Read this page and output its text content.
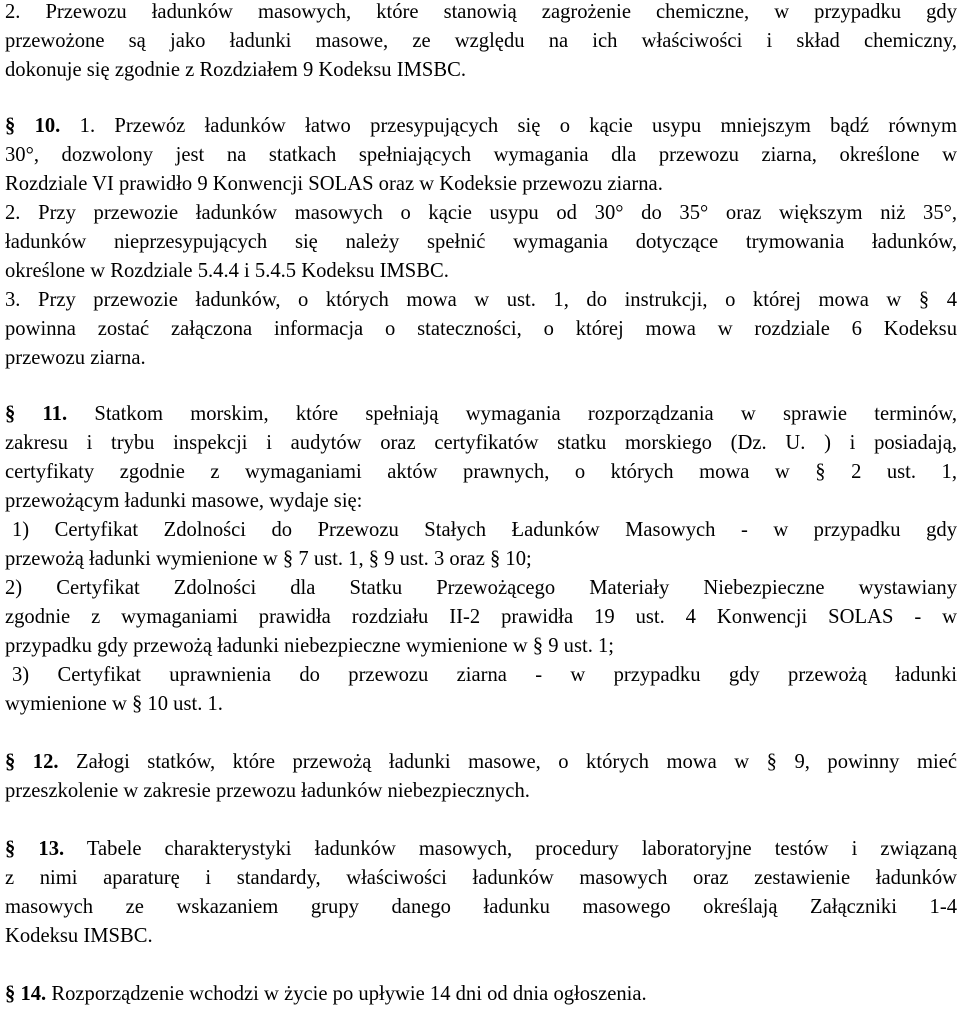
2. Przewozu ładunków masowych, które stanowią zagrożenie chemiczne, w przypadku gdy
przewożone są jako ładunki masowe, ze względu na ich właściwości i skład chemiczny,
dokonuje się zgodnie z Rozdziałem 9 Kodeksu IMSBC.
§ 10. 1. Przewóz ładunków łatwo przesypujących się o kącie usypu mniejszym bądź równym
30°, dozwolony jest na statkach spełniających wymagania dla przewozu ziarna, określone w
Rozdziale VI prawidło 9 Konwencji SOLAS oraz w Kodeksie przewozu ziarna.
2. Przy przewozie ładunków masowych o kącie usypu od 30° do 35° oraz większym niż 35°,
ładunków nieprzesypujących się należy spełnić wymagania dotyczące trymowania ładunków,
określone w Rozdziale 5.4.4 i 5.4.5 Kodeksu IMSBC.
3. Przy przewozie ładunków, o których mowa w ust. 1, do instrukcji, o której mowa w § 4
powinna zostać załączona informacja o stateczności, o której mowa w rozdziale 6 Kodeksu
przewozu ziarna.
§ 11. Statkom morskim, które spełniają wymagania rozporządzania w sprawie terminów,
zakresu i trybu inspekcji i audytów oraz certyfikatów statku morskiego (Dz. U. ) i posiadają,
certyfikaty zgodnie z wymaganiami aktów prawnych, o których mowa w § 2 ust. 1,
przewożącym ładunki masowe, wydaje się:
1) Certyfikat Zdolności do Przewozu Stałych Ładunków Masowych - w przypadku gdy
przewożą ładunki wymienione w § 7 ust. 1, § 9 ust. 3 oraz § 10;
2) Certyfikat Zdolności dla Statku Przewożącego Materiały Niebezpieczne wystawiany
zgodnie z wymaganiami prawidła rozdziału II-2 prawidła 19 ust. 4 Konwencji SOLAS - w
przypadku gdy przewożą ładunki niebezpieczne wymienione w § 9 ust. 1;
3) Certyfikat uprawnienia do przewozu ziarna - w przypadku gdy przewożą ładunki
wymienione w § 10 ust. 1.
§ 12. Załogi statków, które przewożą ładunki masowe, o których mowa w § 9, powinny mieć
przeszkolenie w zakresie przewozu ładunków niebezpiecznych.
§ 13. Tabele charakterystyki ładunków masowych, procedury laboratoryjne testów i związaną
z nimi aparaturę i standardy, właściwości ładunków masowych oraz zestawienie ładunków
masowych ze wskazaniem grupy danego ładunku masowego określają Załączniki 1-4
Kodeksu IMSBC.
§ 14. Rozporządzenie wchodzi w życie po upływie 14 dni od dnia ogłoszenia.
